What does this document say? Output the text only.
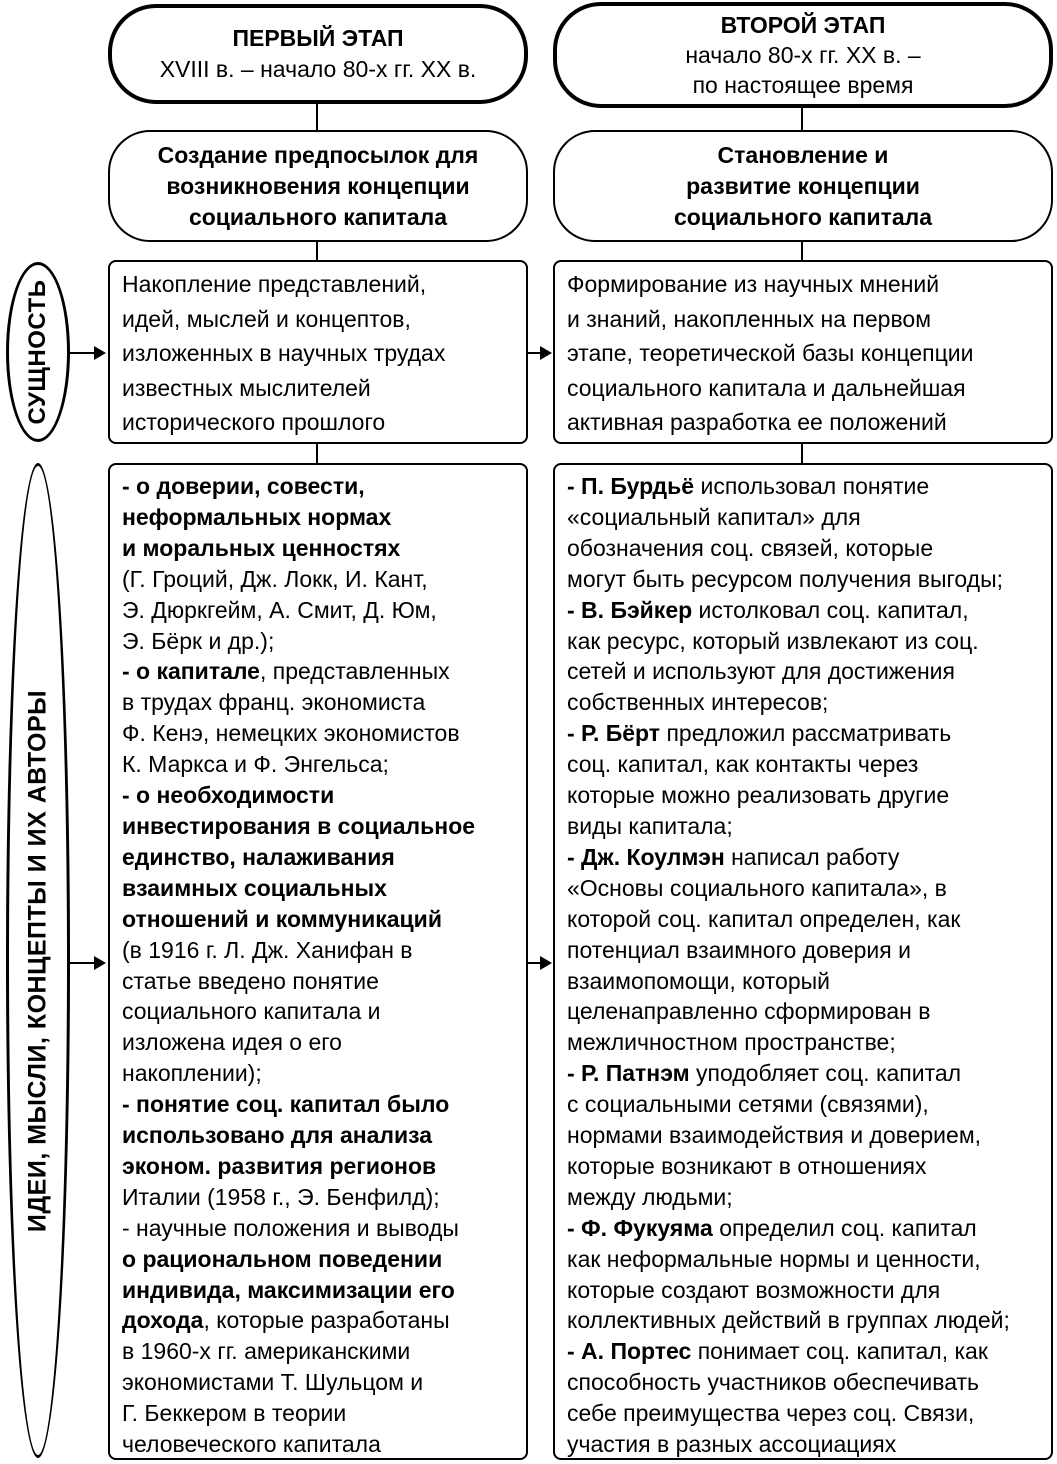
ПЕРВЫЙ ЭТАП
XVIII в. – начало 80-х гг. XX в.
ВТОРОЙ ЭТАП
начало 80-х гг. XX в. –
по настоящее время
Создание предпосылок для
возникновения концепции
социального капитала
Становление и
развитие концепции
социального капитала
СУЩНОСТЬ
ИДЕИ, МЫСЛИ, КОНЦЕПТЫ И ИХ АВТОРЫ

Накопление представлений,

идей, мыслей и концептов,

изложенных в научных трудах

известных мыслителей

исторического прошлого

Формирование из научных мнений

и знаний, накопленных на первом

этапе, теоретической базы концепции

социального капитала и дальнейшая

активная разработка ее положений

- о доверии, совести,

неформальных нормах

и моральных ценностях

(Г. Гроций, Дж. Локк, И. Кант,

Э. Дюркгейм, А. Смит, Д. Юм,

Э. Бёрк и др.);

- о капитале, представленных

в трудах франц. экономиста

Ф. Кенэ, немецких экономистов

К. Маркса и Ф. Энгельса;

- о необходимости

инвестирования в социальное

единство, налаживания

взаимных социальных

отношений и коммуникаций

(в 1916 г. Л. Дж. Ханифан в

статье введено понятие

социального капитала и

изложена идея о его

накоплении);

- понятие соц. капитал было

использовано для анализа

эконом. развития регионов

Италии (1958 г., Э. Бенфилд);

- научные положения и выводы

о рациональном поведении

индивида, максимизации его

дохода, которые разработаны

в 1960-х гг. американскими

экономистами Т. Шульцом и

Г. Беккером в теории

человеческого капитала

- П. Бурдьё использовал понятие

«социальный капитал» для

обозначения соц. связей, которые

могут быть ресурсом получения выгоды;

- В. Бэйкер истолковал соц. капитал,

как ресурс, который извлекают из соц.

сетей и используют для достижения

собственных интересов;

- Р. Бёрт предложил рассматривать

соц. капитал, как контакты через

которые можно реализовать другие

виды капитала;

- Дж. Коулмэн написал работу

«Основы социального капитала», в

которой соц. капитал определен, как

потенциал взаимного доверия и

взаимопомощи, который

целенаправленно сформирован в

межличностном пространстве;

- Р. Патнэм уподобляет соц. капитал

с социальными сетями (связями),

нормами взаимодействия и доверием,

которые возникают в отношениях

между людьми;

- Ф. Фукуяма определил соц. капитал

как неформальные нормы и ценности,

которые создают возможности для

коллективных действий в группах людей;

- А. Портес понимает соц. капитал, как

способность участников обеспечивать

себе преимущества через соц. Связи,

участия в разных ассоциациях
